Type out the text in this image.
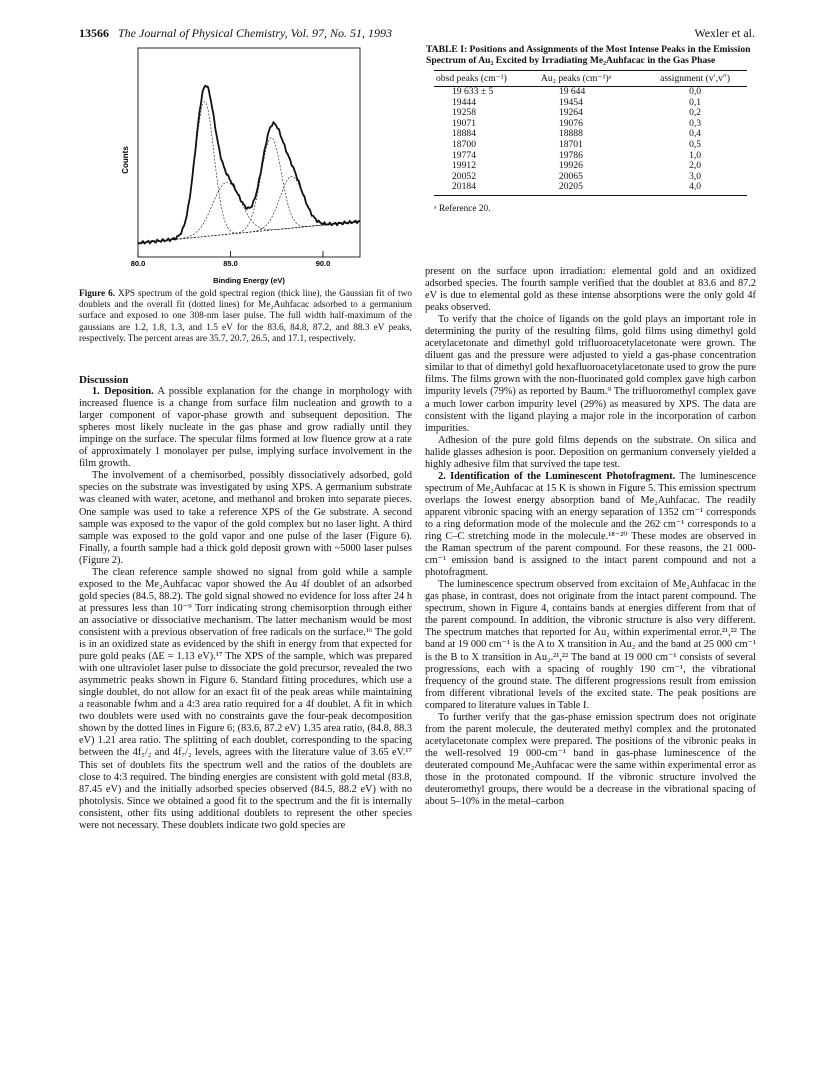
13566 The Journal of Physical Chemistry, Vol. 97, No. 51, 1993	Wexler et al.
Counts
80.0	85.0	90.0
Binding Energy (eV)
Figure 6. XPS spectrum of the gold spectral region (thick line), the Gaussian fit of two doublets and the overall fit (dotted lines) for Me₂Auhfacac adsorbed to a germanium surface and exposed to one 308-nm laser pulse. The full width half-maximum of the gaussians are 1.2, 1.8, 1.3, and 1.5 eV for the 83.6, 84.8, 87.2, and 88.3 eV peaks, respectively. The percent areas are 35.7, 20.7, 26.5, and 17.1, respectively.
TABLE I: Positions and Assignments of the Most Intense Peaks in the Emission Spectrum of Au₂ Excited by Irradiating Me₂Auhfacac in the Gas Phase
obsd peaks (cm⁻¹)	Au₂ peaks (cm⁻¹)ᵃ	assignment (v′,v″)
19 633 ± 5	19 644	0,0
19444	19454	0,1
19258	19264	0,2
19071	19076	0,3
18884	18888	0,4
18700	18701	0,5
19774	19786	1,0
19912	19926	2,0
20052	20065	3,0
20184	20205	4,0
ᵃ Reference 20.

Discussion

1. Deposition. A possible explanation for the change in morphology with increased fluence is a change from surface film nucleation and growth to a larger component of vapor-phase growth and subsequent deposition. The spheres most likely nucleate in the gas phase and grow radially until they impinge on the surface. The specular films formed at low fluence grow at a rate of approximately 1 monolayer per pulse, implying surface involvement in the film growth.

The involvement of a chemisorbed, possibly dissociatively adsorbed, gold species on the substrate was investigated by using XPS. A germanium substrate was cleaned with water, acetone, and methanol and broken into separate pieces. One sample was used to take a reference XPS of the Ge substrate. A second sample was exposed to the vapor of the gold complex but no laser light. A third sample was exposed to the gold vapor and one pulse of the laser (Figure 6). Finally, a fourth sample had a thick gold deposit grown with ~5000 laser pulses (Figure 2).

The clean reference sample showed no signal from gold while a sample exposed to the Me₂Auhfacac vapor showed the Au 4f doublet of an adsorbed gold species (84.5, 88.2). The gold signal showed no evidence for loss after 24 h at pressures less than 10⁻⁹ Torr indicating strong chemisorption through either an associative or dissociative mechanism. The latter mechanism would be most consistent with a previous observation of free radicals on the surface.¹⁶ The gold is in an oxidized state as evidenced by the shift in energy from that expected for pure gold peaks (ΔE = 1.13 eV).¹⁷ The XPS of the sample, which was prepared with one ultraviolet laser pulse to dissociate the gold precursor, revealed the two asymmetric peaks shown in Figure 6. Standard fitting procedures, which use a single doublet, do not allow for an exact fit of the peak areas while maintaining a reasonable fwhm and a 4:3 area ratio required for a 4f doublet. A fit in which two doublets were used with no constraints gave the four-peak decomposition shown by the dotted lines in Figure 6; (83.6, 87.2 eV) 1.35 area ratio, (84.8, 88.3 eV) 1.21 area ratio. The splitting of each doublet, corresponding to the spacing between the 4f₅/₂ and 4f₇/₂ levels, agrees with the literature value of 3.65 eV.¹⁷ This set of doublets fits the spectrum well and the ratios of the doublets are close to 4:3 required. The binding energies are consistent with gold metal (83.8, 87.45 eV) and the initially adsorbed species observed (84.5, 88.2 eV) with no photolysis. Since we obtained a good fit to the spectrum and the fit is internally consistent, other fits using additional doublets to represent the other species were not necessary. These doublets indicate two gold species are

present on the surface upon irradiation: elemental gold and an oxidized adsorbed species. The fourth sample verified that the doublet at 83.6 and 87.2 eV is due to elemental gold as these intense absorptions were the only gold 4f peaks observed.

To verify that the choice of ligands on the gold plays an important role in determining the purity of the resulting films, gold films using dimethyl gold acetylacetonate and dimethyl gold trifluoroacetylacetonate were grown. The diluent gas and the pressure were adjusted to yield a gas-phase concentration similar to that of dimethyl gold hexafluoroacetylacetonate used to grow the pure films. The films grown with the non-fluorinated gold complex gave high carbon impurity levels (79%) as reported by Baum.⁹ The trifluoromethyl complex gave a much lower carbon impurity level (29%) as measured by XPS. The data are consistent with the ligand playing a major role in the incorporation of carbon impurities.

Adhesion of the pure gold films depends on the substrate. On silica and halide glasses adhesion is poor. Deposition on germanium conversely yielded a highly adhesive film that survived the tape test.

2. Identification of the Luminescent Photofragment. The luminescence spectrum of Me₂Auhfacac at 15 K is shown in Figure 5. This emission spectrum overlaps the lowest energy absorption band of Me₂Auhfacac. The readily apparent vibronic spacing with an energy separation of 1352 cm⁻¹ corresponds to a ring deformation mode of the molecule and the 262 cm⁻¹ corresponds to a ring C–C stretching mode in the molecule.¹⁸⁻²⁰ These modes are observed in the Raman spectrum of the parent compound. For these reasons, the 21 000-cm⁻¹ emission band is assigned to the intact parent compound and not a photofragment.

The luminescence spectrum observed from excitaion of Me₂Auhfacac in the gas phase, in contrast, does not originate from the intact parent compound. The spectrum, shown in Figure 4, contains bands at energies different from that of the parent compound. In addition, the vibronic structure is also very different. The spectrum matches that reported for Au₂ within experimental error.²¹,²² The band at 19 000 cm⁻¹ is the A to X transition in Au₂ and the band at 25 000 cm⁻¹ is the B to X transition in Au₂.²¹,²² The band at 19 000 cm⁻¹ consists of several progressions, each with a spacing of roughly 190 cm⁻¹, the vibrational frequency of the ground state. The different progressions result from emission from different vibrational levels of the excited state. The peak positions are compared to literature values in Table I.

To further verify that the gas-phase emission spectrum does not originate from the parent molecule, the deuterated methyl complex and the protonated acetylacetonate complex were prepared. The positions of the vibronic peaks in the well-resolved 19 000-cm⁻¹ band in gas-phase luminescence of the deuterated compound Me₂Auhfacac were the same within experimental error as those in the protonated compound. If the vibronic structure involved the deuteromethyl groups, there would be a decrease in the vibrational spacing of about 5–10% in the metal–carbon
